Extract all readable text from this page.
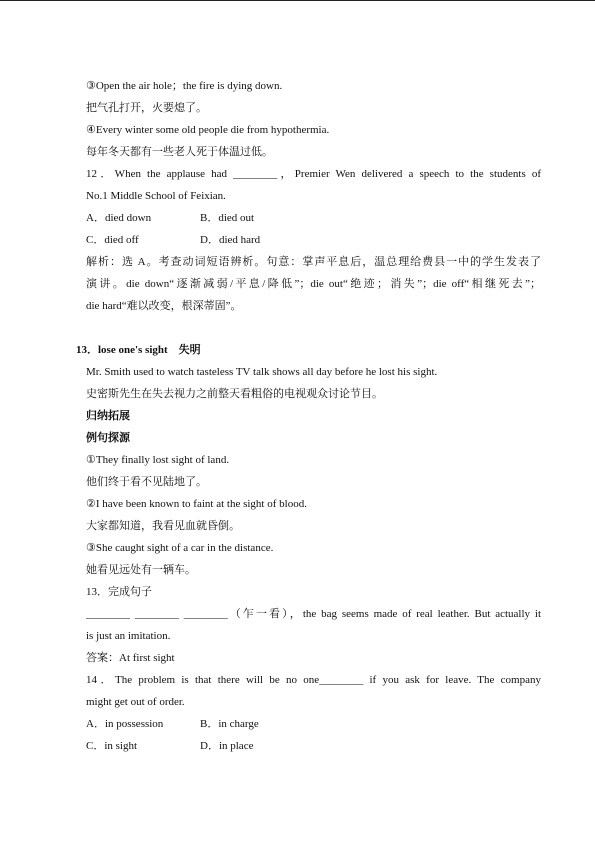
③Open the air hole；the fire is dying down.
把气孔打开，火要熄了。
④Every winter some old people die from hypothermia.
每年冬天都有一些老人死于体温过低。
12．When the applause had ________，Premier Wen delivered a speech to the students of
No.1 Middle School of Feixian.
A．died down	B．died out
C．died off	D．died hard
解析：选 A。考查动词短语辨析。句意：掌声平息后，温总理给费县一中的学生发表了
演讲。die down“逐渐减弱/平息/降低”；die out“绝迹；消失”；die off“相继死去”；
die hard“难以改变，根深蒂固”。
13．lose one's sight　失明
Mr. Smith used to watch tasteless TV talk shows all day before he lost his sight.
史密斯先生在失去视力之前整天看粗俗的电视观众讨论节目。
归纳拓展
例句探源
①They finally lost sight of land.
他们终于看不见陆地了。
②I have been known to faint at the sight of blood.
大家都知道，我看见血就昏倒。
③She caught sight of a car in the distance.
她看见远处有一辆车。
13．完成句子
________ ________ ________（乍一看），the bag seems made of real leather. But actually it
is just an imitation.
答案：At first sight
14．The problem is that there will be no one________ if you ask for leave. The company
might get out of order.
A．in possession	B．in charge
C．in sight	D．in place
